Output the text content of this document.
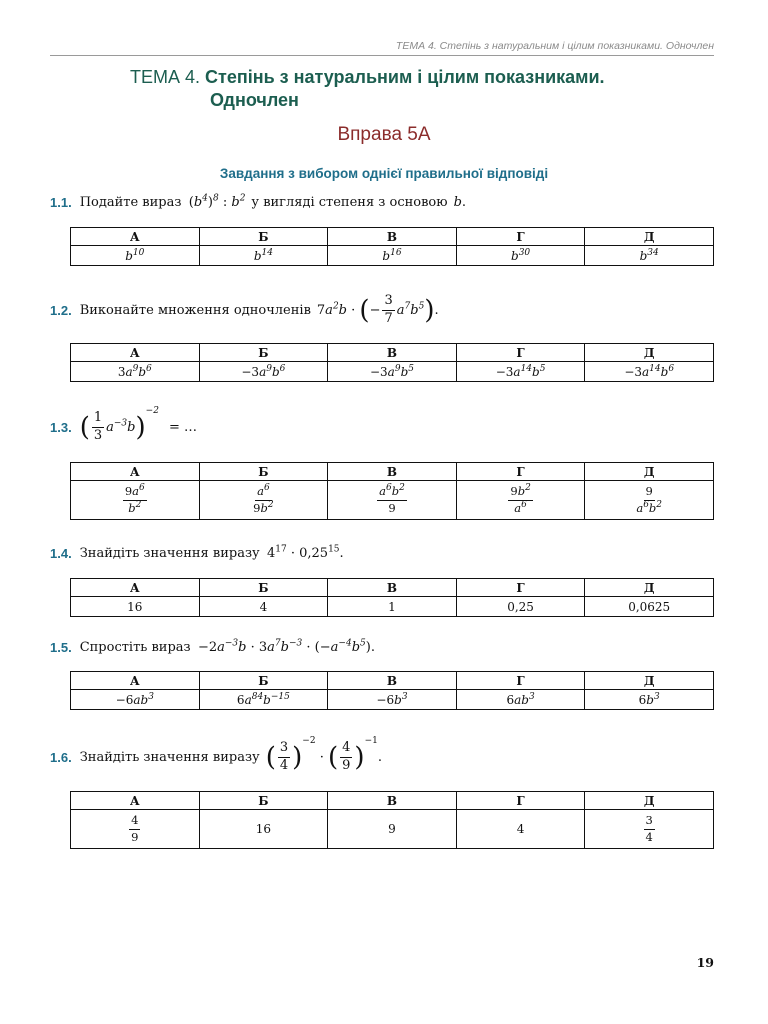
ТЕМА 4. Степінь з натуральним і цілим показниками. Одночлен
ТЕМА 4. Степінь з натуральним і цілим показниками.
Одночлен
Вправа 5А
Завдання з вибором однієї правильної відповіді
1.1. Подайте вираз
  $(b^4)^8$ : $b^2$ у вигляді степеня з основою b.
А	Б	В	Г	Д
$b^{10}$	$b^{14}$	$b^{16}$	$b^{30}$	$b^{34}$
1.2. Виконайте множення одночленів $7a^2b$ · (− $\frac{3}{7} a^7b^5$).
А	Б	В	Г	Д
$3a^9b^6$	$-3a^9b^6$	$-3a^9b^5$	$-3a^{14}b^5$	$-3a^{14}b^6$
1.3. ( $\frac{1}{3} a^{-3}b)^{-2}$
= …
А	Б	В	Г	Д

$\frac{9a^6}{b^2}$	$\frac{a^6}{9b^2}$	$\frac{a^6b^2}{9}$	$\frac{9b^2}{a^6}$	$\frac{9}{a^6b^2}$
1.4. Знайдіть значення виразу  $4^{17} \cdot 0,25^{15}$.
А	Б	В	Г	Д
16	4	1	0,25	0,0625
1.5. Спростіть вираз
  $-2a^{-3}b \cdot 3a^7b^{-3} \cdot (-a^{-4}b^5)$.
А	Б	В	Г	Д
$-6ab^3$	$6a^{84}b^{-15}$	$-6b^3$	$6ab^3$	$6b^3$
1.6. Знайдіть значення виразу ( $\frac{3}{4} )^{-2}$ · ( $\frac{4}{9} )^{-1}$.
А	Б	В	Г	Д

$\frac{4}{9}$	16	9	4	$\frac{3}{4}$
19
